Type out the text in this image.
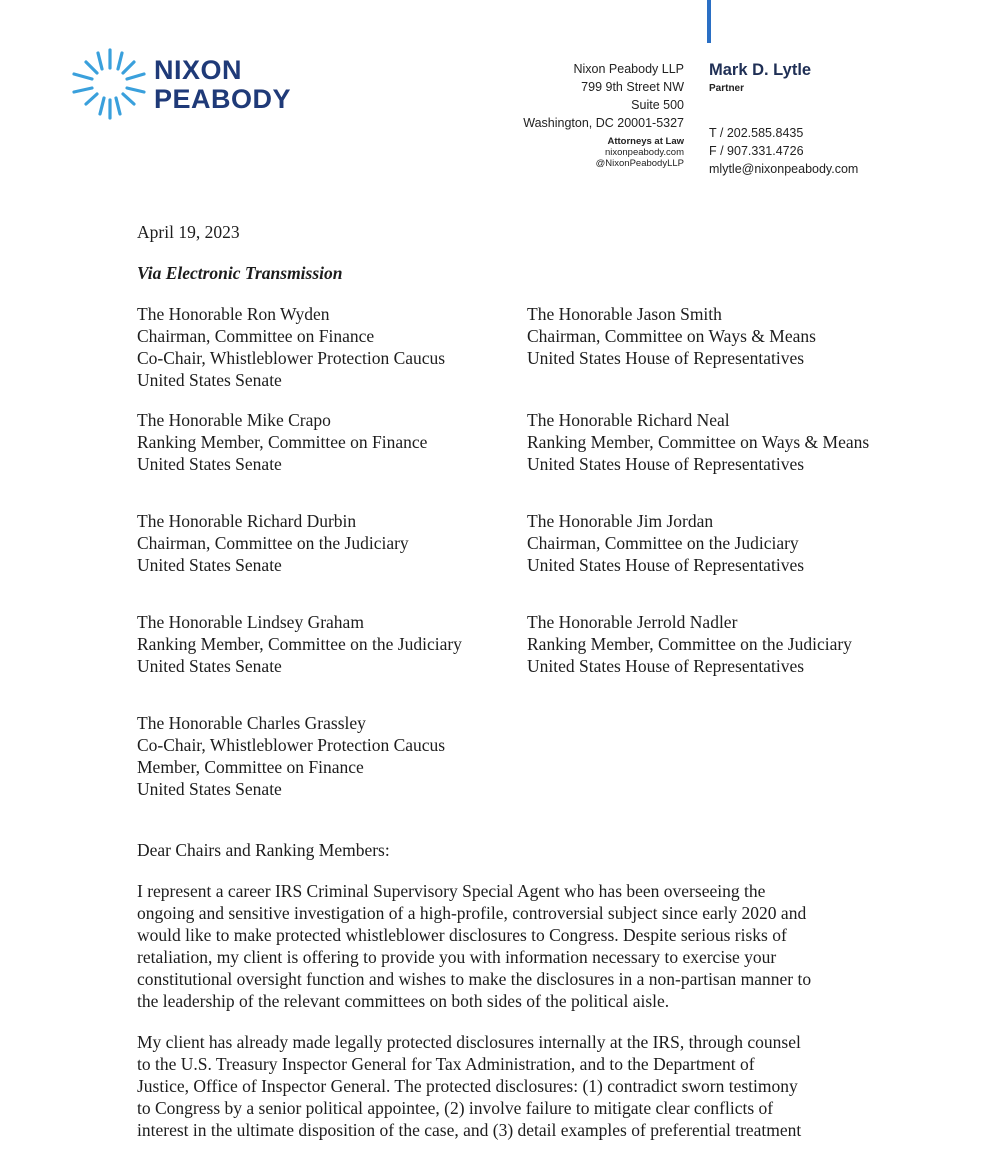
NIXON
PEABODY
Nixon Peabody LLP
799 9th Street NW
Suite 500
Washington, DC 20001-5327
Attorneys at Law
nixonpeabody.com
@NixonPeabodyLLP
Mark D. Lytle
Partner
T / 202.585.8435
F / 907.331.4726
mlytle@nixonpeabody.com
April 19, 2023
Via Electronic Transmission
The Honorable Ron Wyden
Chairman, Committee on Finance
Co-Chair, Whistleblower Protection Caucus
United States Senate
The Honorable Mike Crapo
Ranking Member, Committee on Finance
United States Senate
The Honorable Richard Durbin
Chairman, Committee on the Judiciary
United States Senate
The Honorable Lindsey Graham
Ranking Member, Committee on the Judiciary
United States Senate
The Honorable Charles Grassley
Co-Chair, Whistleblower Protection Caucus
Member, Committee on Finance
United States Senate
The Honorable Jason Smith
Chairman, Committee on Ways & Means
United States House of Representatives
The Honorable Richard Neal
Ranking Member, Committee on Ways & Means
United States House of Representatives
The Honorable Jim Jordan
Chairman, Committee on the Judiciary
United States House of Representatives
The Honorable Jerrold Nadler
Ranking Member, Committee on the Judiciary
United States House of Representatives
Dear Chairs and Ranking Members:
I represent a career IRS Criminal Supervisory Special Agent who has been overseeing the
ongoing and sensitive investigation of a high-profile, controversial subject since early 2020 and
would like to make protected whistleblower disclosures to Congress. Despite serious risks of
retaliation, my client is offering to provide you with information necessary to exercise your
constitutional oversight function and wishes to make the disclosures in a non-partisan manner to
the leadership of the relevant committees on both sides of the political aisle.
My client has already made legally protected disclosures internally at the IRS, through counsel
to the U.S. Treasury Inspector General for Tax Administration, and to the Department of
Justice, Office of Inspector General. The protected disclosures: (1) contradict sworn testimony
to Congress by a senior political appointee, (2) involve failure to mitigate clear conflicts of
interest in the ultimate disposition of the case, and (3) detail examples of preferential treatment
